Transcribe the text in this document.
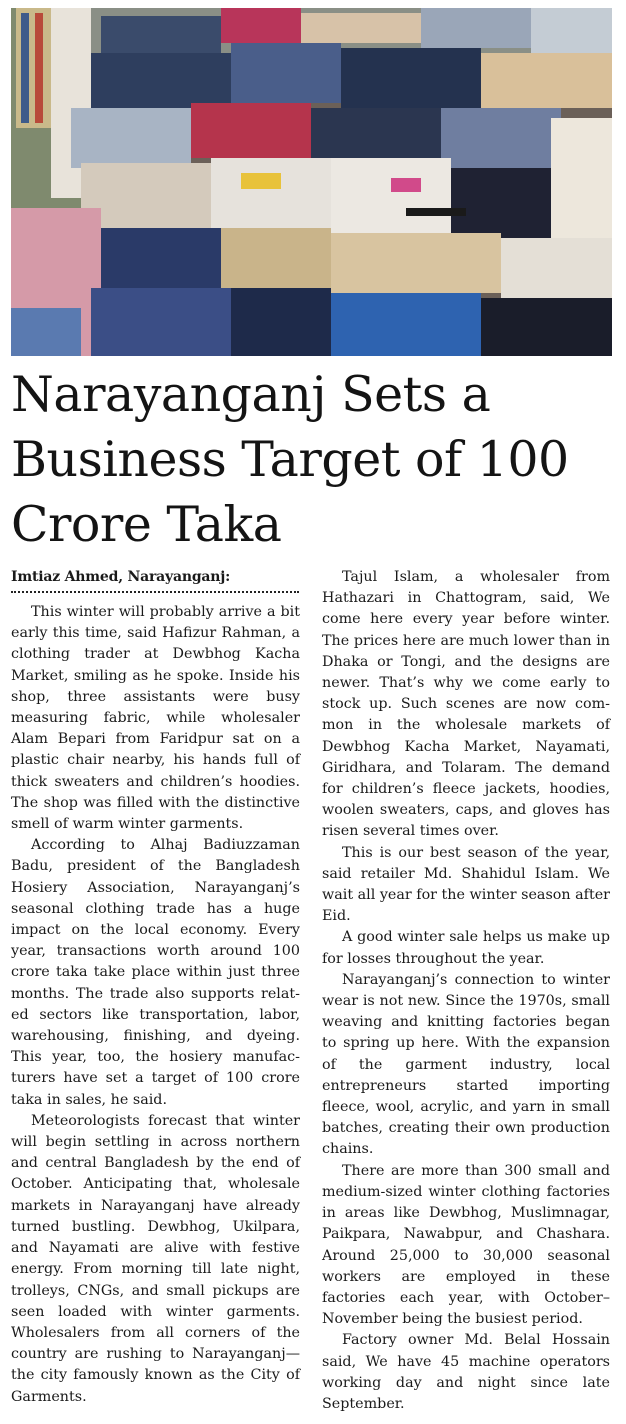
Narayanganj Sets a Business Target of 100 Crore Taka
Imtiaz Ahmed, Narayanganj:

This winter will probably arrive a bit early this time, said Hafizur Rahman, a clothing trader at Dewbhog Kacha Market, smiling as he spoke. Inside his shop, three assistants were busy measuring fabric, while wholesaler Alam Bepari from Faridpur sat on a plastic chair nearby, his hands full of thick sweaters and children’s hoodies. The shop was filled with the distinctive smell of warm winter garments.

According to Alhaj Badiuzzaman Badu, president of the Bangladesh Hosiery Association, Narayanganj’s seasonal clothing trade has a huge impact on the local economy. Every year, transactions worth around 100 crore taka take place within just three months. The trade also supports related sectors like transportation, labor, warehousing, finishing, and dyeing. This year, too, the hosiery manufacturers have set a target of 100 crore taka in sales, he said.

Meteorologists forecast that winter will begin settling in across northern and central Bangladesh by the end of October. Anticipating that, wholesale markets in Narayanganj have already turned bustling. Dewbhog, Ukilpara, and Nayamati are alive with festive energy. From morning till late night, trolleys, CNGs, and small pickups are seen loaded with winter garments. Wholesalers from all corners of the country are rushing to Narayanganj—the city famously known as the City of Garments.

Tajul Islam, a wholesaler from Hathazari in Chattogram, said, We come here every year before winter. The prices here are much lower than in Dhaka or Tongi, and the designs are newer. That’s why we come early to stock up. Such scenes are now common in the wholesale markets of Dewbhog Kacha Market, Nayamati, Giridhara, and Tolaram. The demand for children’s fleece jackets, hoodies, woolen sweaters, caps, and gloves has risen several times over.

This is our best season of the year, said retailer Md. Shahidul Islam. We wait all year for the winter season after Eid.

A good winter sale helps us make up for losses throughout the year.

Narayanganj’s connection to winter wear is not new. Since the 1970s, small weaving and knitting factories began to spring up here. With the expansion of the garment industry, local entrepreneurs started importing fleece, wool, acrylic, and yarn in small batches, creating their own production chains.

There are more than 300 small and medium-sized winter clothing factories in areas like Dewbhog, Muslimnagar, Paikpara, Nawabpur, and Chashara. Around 25,000 to 30,000 seasonal workers are employed in these factories each year, with October–November being the busiest period.

Factory owner Md. Belal Hossain said, We have 45 machine operators working day and night since late September.
